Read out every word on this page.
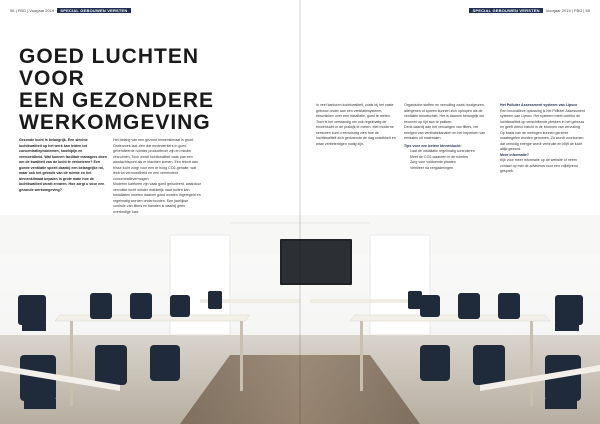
96 | FBG | Voorjaar 2019 SPECIAL GEBOUWEN VERSTEN	SPECIAL GEBOUWEN VERSTEN Voorjaar 2019 | FBG | 69
GOED LUCHTEN VOOR
EEN GEZONDERE
WERKOMGEVING
Gezonde lucht is belangrijk. Een slechte luchtkwaliteit op het werk kan leiden tot concentratieproblemen, hoofdpijn en vermoeidheid. Wat kunnen facilitair managers doen om de kwaliteit van de lucht te verbeteren? Een goede ventilatie speelt daarbij een belangrijke rol, maar ook het gebruik van de ruimte en het binnenklimaat bepalen in grote mate hoe de luchtkwaliteit wordt ervaren. Hoe zorgt u voor een gezonde werkomgeving?
Het belang van een gezond binnenklimaat is groot. Onderzoek laat zien dat medewerkers in goed geventileerde ruimtes productiever zijn en minder verzuimen. Toch wordt luchtkwaliteit vaak pas een aandachtspunt als er klachten komen. Een tekort aan frisse lucht zorgt voor een te hoog CO2-gehalte, wat leidt tot vermoeidheid en een verminderd concentratievermogen.
Moderne kantoren zijn vaak goed geïsoleerd, waardoor vervuilde lucht minder makkelijk naar buiten kan. Installaties moeten daarom goed worden ingeregeld en regelmatig worden onderhouden. Een jaarlijkse controle van filters en kanalen is daarbij geen overbodige luxe.
In veel kantoren luchtkwaliteit, zoals bij het vaste gebouw onder aan een ventilatiesysteem, beschikken over een installatie, goed te meten.
Toch is het verstandig om ook regelmatig de binnenlucht in de praktijk te meten. Met moderne sensoren kunt u eenvoudig zien hoe de luchtkwaliteit zich gedurende de dag ontwikkelt en waar verbeteringen nodig zijn.
Organische stoffen en vervuiling zoals houtgeuren, allergenen of sporen kunnen zich ophopen als de ventilatie tekortschiet. Het is daarom belangrijk om bronnen op tijd aan te pakken.
Denk daarbij aan het vervangen van filters, het reinigen van ventilatiekanalen en het beperken van emissies uit materialen.
Tips voor een betere binnenlucht:
• Laat de installatie regelmatig controleren
• Meet de CO2-waarden in de ruimtes
• Zorg voor voldoende planten
• Ventileer na vergaderingen
Het Polluter Assessment systeem van Lipsco
Een innovatieve oplossing is het Polluter Assessment systeem van Lipsco. Het systeem meet continu de luchtkwaliteit op verschillende plekken in het gebouw en geeft direct inzicht in de bronnen van vervuiling.
Op basis van de metingen kunnen gerichte maatregelen worden genomen. Zo wordt voorkomen dat onnodig energie wordt verbruikt en blijft de lucht altijd gezond.
Meer informatie?
Kijk voor meer informatie op de website of neem contact op met de adviseurs voor een vrijblijvend gesprek.
